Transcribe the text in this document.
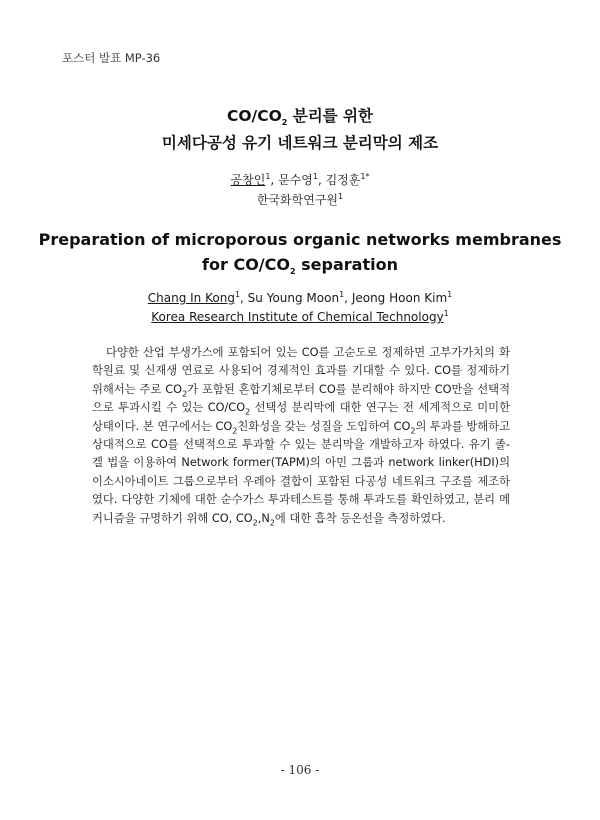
포스터 발표 MP-36
$CO/CO_2$ 분리를 위한
미세다공성 유기 네트워크 분리막의 제조
공창인$^1$, 문수영$^1$, 김정훈$^{1*}$
한국화학연구원$^1$
Preparation of microporous organic networks membranes
for $CO/CO_2$ separation
Chang In Kong$^1$, Su Young Moon$^1$, Jeong Hoon Kim$^1$
Korea Research Institute of Chemical Technology$^1$

다양한 산업 부생가스에 포함되어 있는 CO를 고순도로 정제하면 고부가가치의 화학원료 및 신재생 연료로 사용되어 경제적인 효과를 기대할 수 있다. CO를 정제하기 위해서는 주로 $CO_2$가 포함된 혼합기체로부터 CO를 분리해야 하지만 CO만을 선택적으로 투과시킬 수 있는 $CO/CO_2$ 선택성 분리막에 대한 연구는 전 세계적으로 미미한 상태이다. 본 연구에서는 $CO_2$친화성을 갖는 성질을 도입하여 $CO_2$의 투과를 방해하고 상대적으로 CO를 선택적으로 투과할 수 있는 분리막을 개발하고자 하였다. 유기 졸-겔 법을 이용하여 Network former(TAPM)의 아민 그룹과 network linker(HDI)의 이소시아네이트 그룹으로부터 우레아 결합이 포함된 다공성 네트워크 구조를 제조하였다. 다양한 기체에 대한 순수가스 투과테스트를 통해 투과도를 확인하였고, 분리 메커니즘을 규명하기 위해 CO, $CO_2,N_2$에 대한 흡착 등온선을 측정하였다.

- 106 -
